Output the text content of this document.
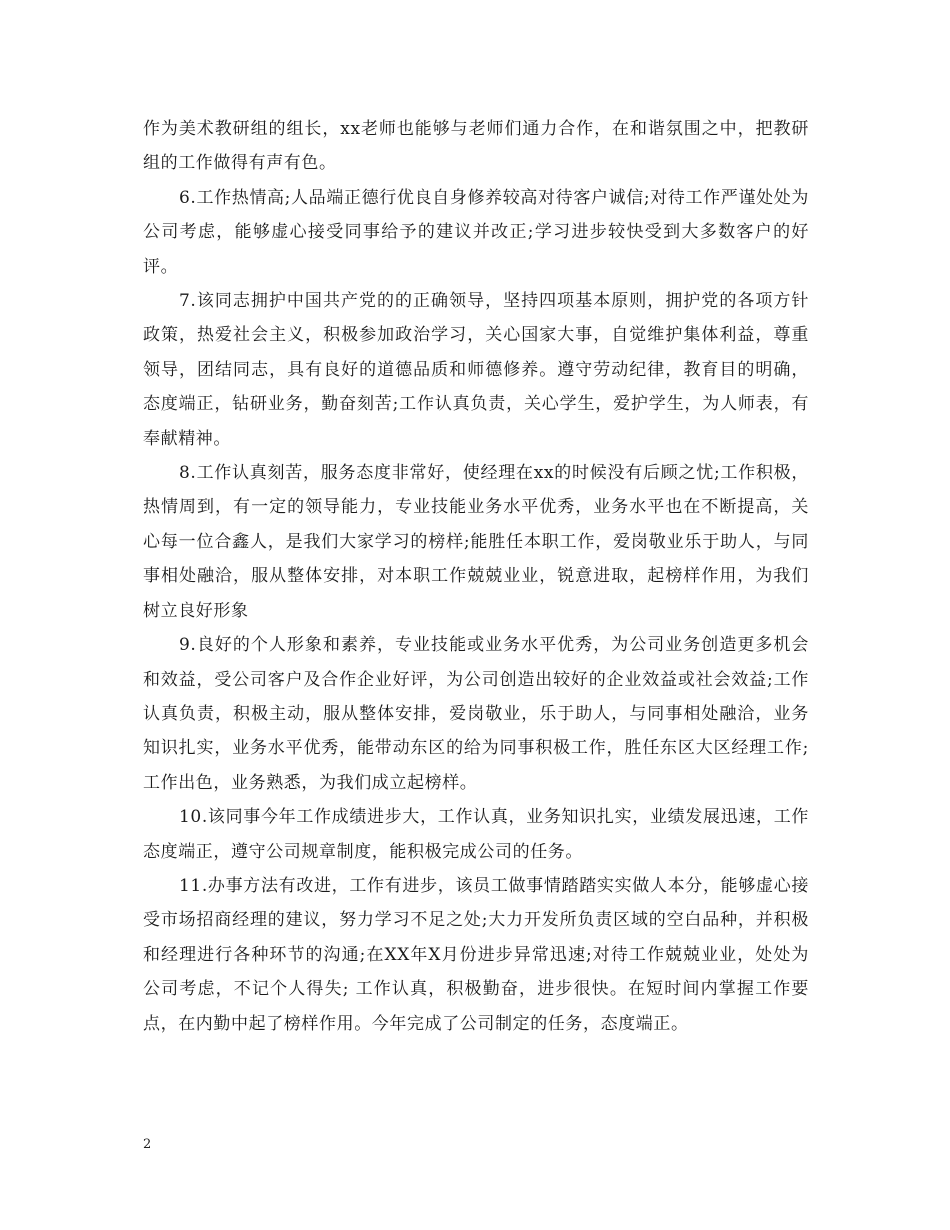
作为美术教研组的组长，xx老师也能够与老师们通力合作，在和谐氛围之中，把教研组的工作做得有声有色。

6.工作热情高;人品端正德行优良自身修养较高对待客户诚信;对待工作严谨处处为公司考虑，能够虚心接受同事给予的建议并改正;学习进步较快受到大多数客户的好评。

7.该同志拥护中国共产党的的正确领导，坚持四项基本原则，拥护党的各项方针政策，热爱社会主义，积极参加政治学习，关心国家大事，自觉维护集体利益，尊重领导，团结同志，具有良好的道德品质和师德修养。遵守劳动纪律，教育目的明确，态度端正，钻研业务，勤奋刻苦;工作认真负责，关心学生，爱护学生，为人师表，有奉献精神。

8.工作认真刻苦，服务态度非常好，使经理在xx的时候没有后顾之忧;工作积极，热情周到，有一定的领导能力，专业技能业务水平优秀，业务水平也在不断提高，关心每一位合鑫人，是我们大家学习的榜样;能胜任本职工作，爱岗敬业乐于助人，与同事相处融洽，服从整体安排，对本职工作兢兢业业，锐意进取，起榜样作用，为我们树立良好形象

9.良好的个人形象和素养，专业技能或业务水平优秀，为公司业务创造更多机会和效益，受公司客户及合作企业好评，为公司创造出较好的企业效益或社会效益;工作认真负责，积极主动，服从整体安排，爱岗敬业，乐于助人，与同事相处融洽，业务知识扎实，业务水平优秀，能带动东区的给为同事积极工作，胜任东区大区经理工作;工作出色，业务熟悉，为我们成立起榜样。

10.该同事今年工作成绩进步大，工作认真，业务知识扎实，业绩发展迅速，工作态度端正，遵守公司规章制度，能积极完成公司的任务。

11.办事方法有改进，工作有进步，该员工做事情踏踏实实做人本分，能够虚心接受市场招商经理的建议，努力学习不足之处;大力开发所负责区域的空白品种，并积极和经理进行各种环节的沟通;在XX年X月份进步异常迅速;对待工作兢兢业业，处处为公司考虑，不记个人得失; 工作认真，积极勤奋，进步很快。在短时间内掌握工作要点，在内勤中起了榜样作用。今年完成了公司制定的任务，态度端正。

2
